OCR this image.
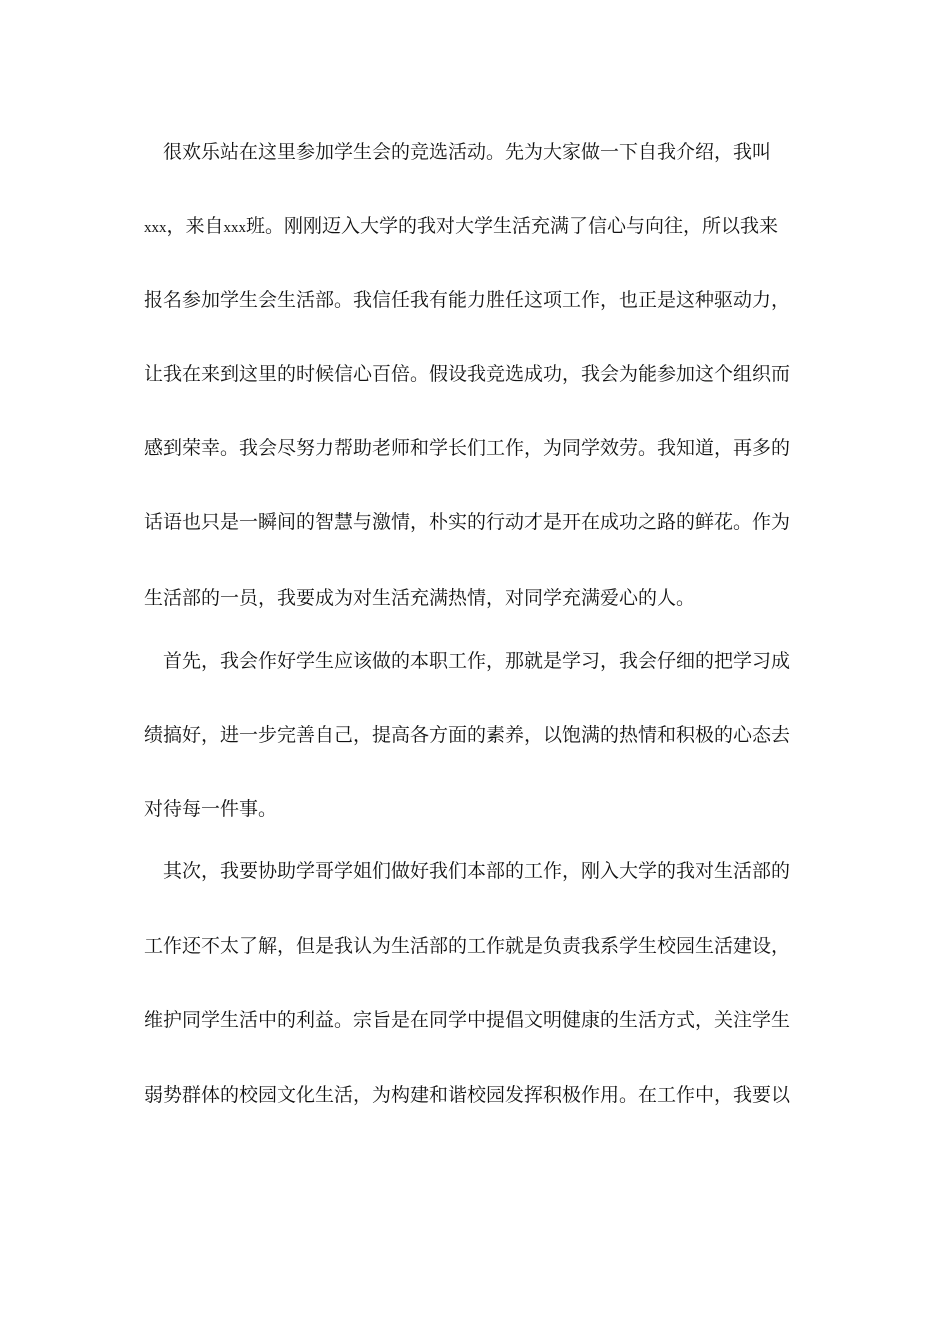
很欢乐站在这里参加学生会的竞选活动。先为大家做一下自我介绍，我叫
xxx，来自xxx班。刚刚迈入大学的我对大学生活充满了信心与向往，所以我来
报名参加学生会生活部。我信任我有能力胜任这项工作，也正是这种驱动力，
让我在来到这里的时候信心百倍。假设我竞选成功，我会为能参加这个组织而
感到荣幸。我会尽努力帮助老师和学长们工作，为同学效劳。我知道，再多的
话语也只是一瞬间的智慧与激情，朴实的行动才是开在成功之路的鲜花。作为
生活部的一员，我要成为对生活充满热情，对同学充满爱心的人。
首先，我会作好学生应该做的本职工作，那就是学习，我会仔细的把学习成
绩搞好，进一步完善自己，提高各方面的素养，以饱满的热情和积极的心态去
对待每一件事。
其次，我要协助学哥学姐们做好我们本部的工作，刚入大学的我对生活部的
工作还不太了解，但是我认为生活部的工作就是负责我系学生校园生活建设，
维护同学生活中的利益。宗旨是在同学中提倡文明健康的生活方式，关注学生
弱势群体的校园文化生活，为构建和谐校园发挥积极作用。在工作中，我要以
